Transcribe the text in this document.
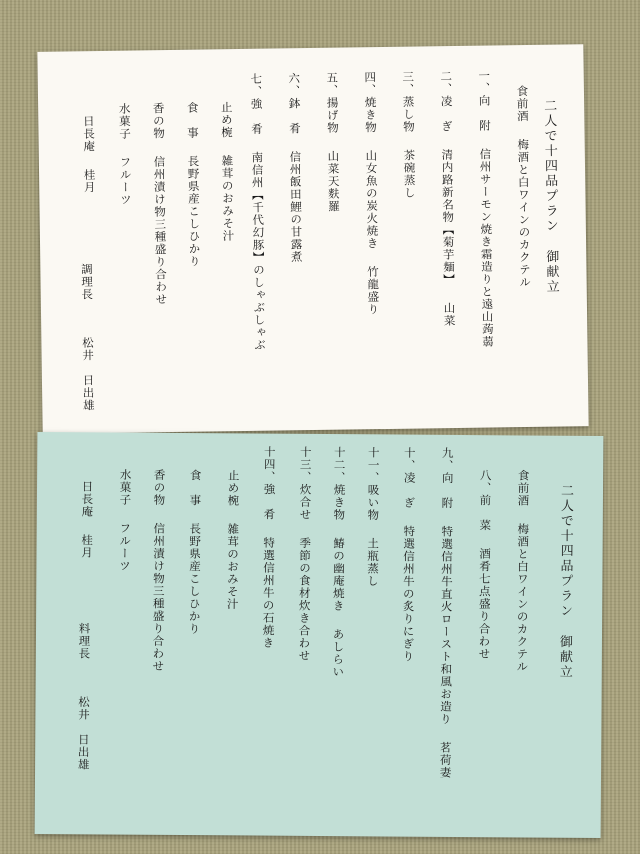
二人で十四品プラン御献立
食前酒梅酒と白ワインのカクテル
一、向　附信州サーモン焼き霜造りと遠山蒟蒻
二、凌　ぎ清内路新名物【菊芋麺】山菜
三、蒸し物茶碗蒸し
四、焼き物山女魚の炭火焼き竹龍盛り
五、揚げ物山菜天麩羅
六、鉢　肴信州飯田鯉の甘露煮
七、強　肴南信州【千代幻豚】のしゃぶしゃぶ
止め椀雑茸のおみそ汁
食　事長野県産こしひかり
香の物信州漬け物三種盛り合わせ
水菓子フルーツ
日長庵桂月
調理長松井　日出雄
二人で十四品プラン御献立
食前酒梅酒と白ワインのカクテル
八、前　菜酒肴七点盛り合わせ
九、向　附特選信州牛直火ロースト和風お造り茗荷妻
十、凌　ぎ特選信州牛の炙りにぎり
十一、吸い物土瓶蒸し
十二、焼き物鰆の幽庵焼きあしらい
十三、炊合せ季節の食材炊き合わせ
十四、強　肴特選信州牛の石焼き
止め椀雑茸のおみそ汁
食　事長野県産こしひかり
香の物信州漬け物三種盛り合わせ
水菓子フルーツ
日長庵桂月
料理長松井　日出雄
